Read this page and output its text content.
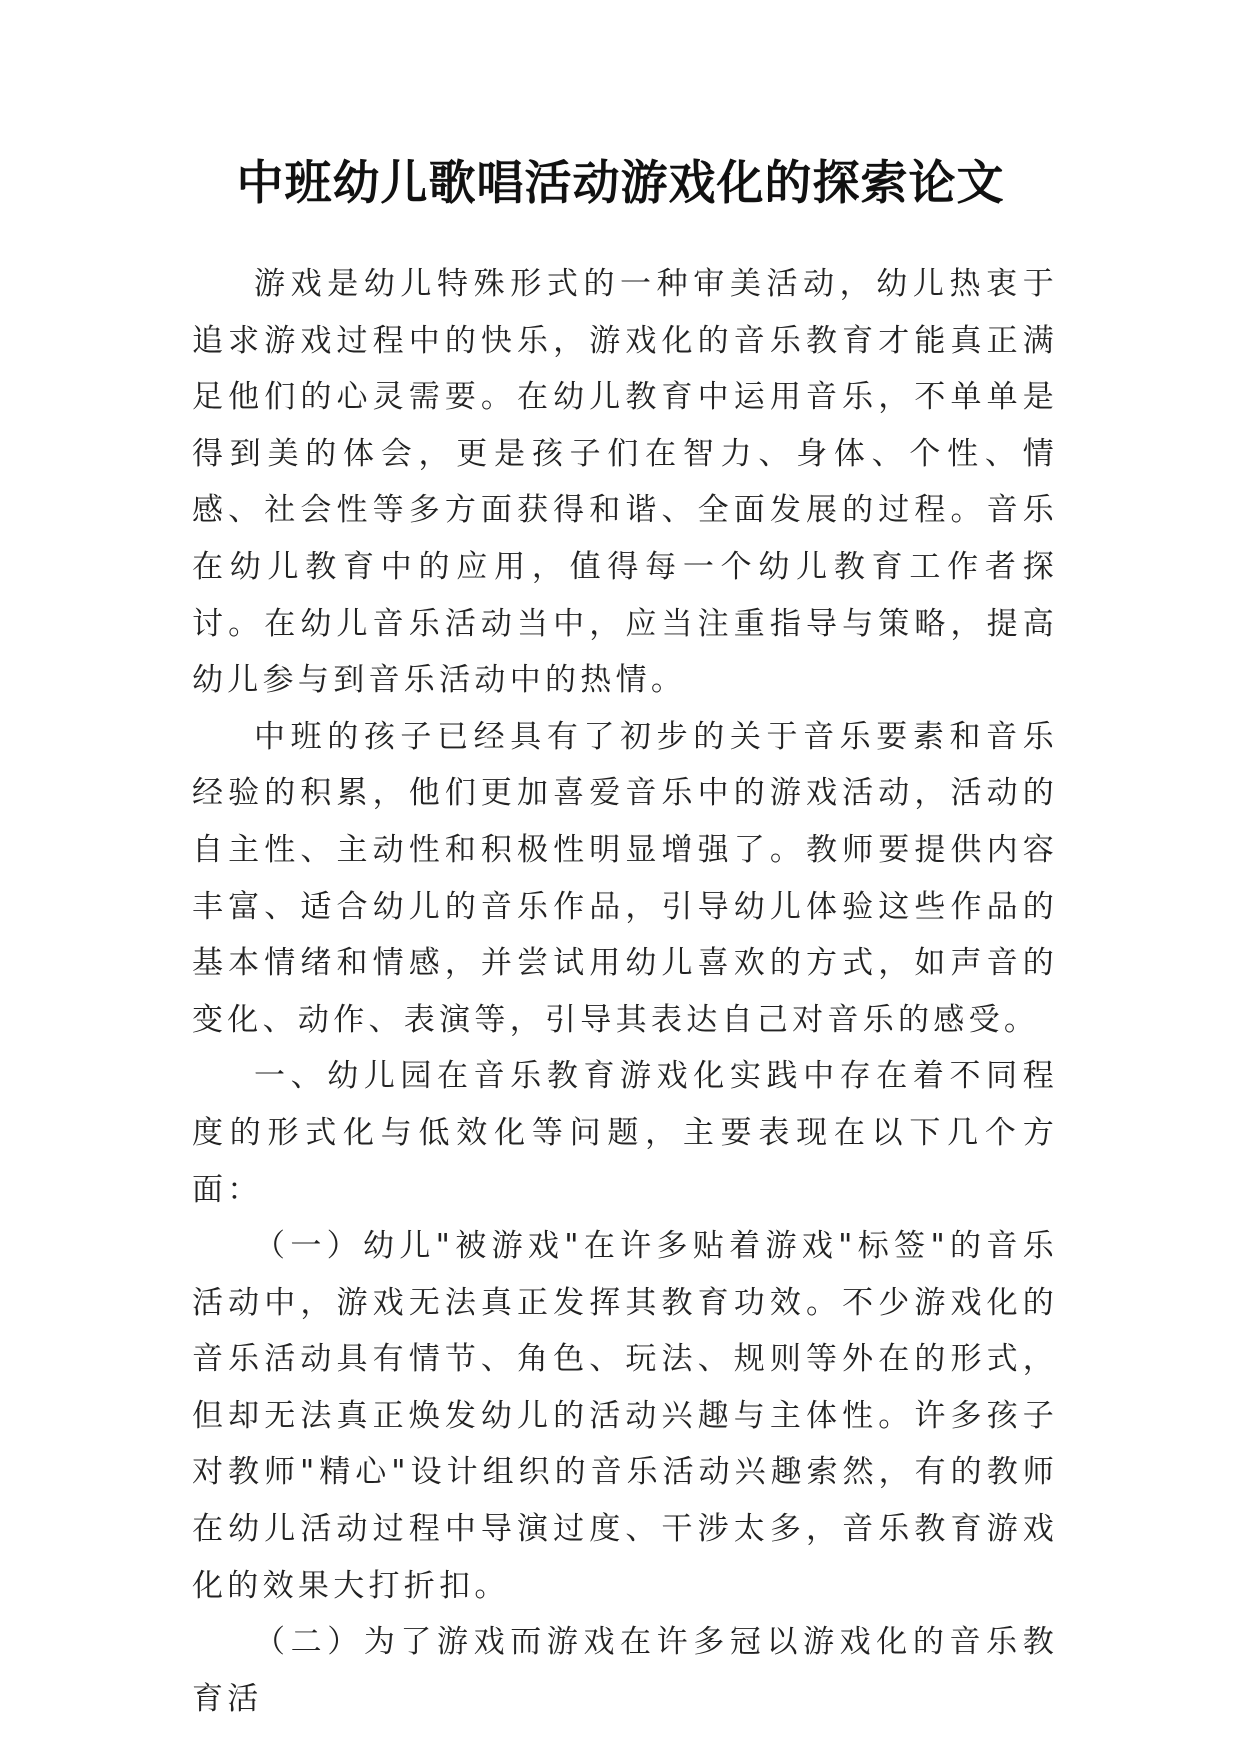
中班幼儿歌唱活动游戏化的探索论文

游戏是幼儿特殊形式的一种审美活动，幼儿热衷于追求游戏过程中的快乐，游戏化的音乐教育才能真正满足他们的心灵需要。在幼儿教育中运用音乐，不单单是得到美的体会，更是孩子们在智力、身体、个性、情感、社会性等多方面获得和谐、全面发展的过程。音乐在幼儿教育中的应用，值得每一个幼儿教育工作者探讨。在幼儿音乐活动当中，应当注重指导与策略，提高幼儿参与到音乐活动中的热情。

中班的孩子已经具有了初步的关于音乐要素和音乐经验的积累，他们更加喜爱音乐中的游戏活动，活动的自主性、主动性和积极性明显增强了。教师要提供内容丰富、适合幼儿的音乐作品，引导幼儿体验这些作品的基本情绪和情感，并尝试用幼儿喜欢的方式，如声音的变化、动作、表演等，引导其表达自己对音乐的感受。

一、幼儿园在音乐教育游戏化实践中存在着不同程度的形式化与低效化等问题，主要表现在以下几个方面：

（一）幼儿"被游戏"在许多贴着游戏"标签"的音乐活动中，游戏无法真正发挥其教育功效。不少游戏化的音乐活动具有情节、角色、玩法、规则等外在的形式，但却无法真正焕发幼儿的活动兴趣与主体性。许多孩子对教师"精心"设计组织的音乐活动兴趣索然，有的教师在幼儿活动过程中导演过度、干涉太多，音乐教育游戏化的效果大打折扣。

（二）为了游戏而游戏在许多冠以游戏化的音乐教育活
